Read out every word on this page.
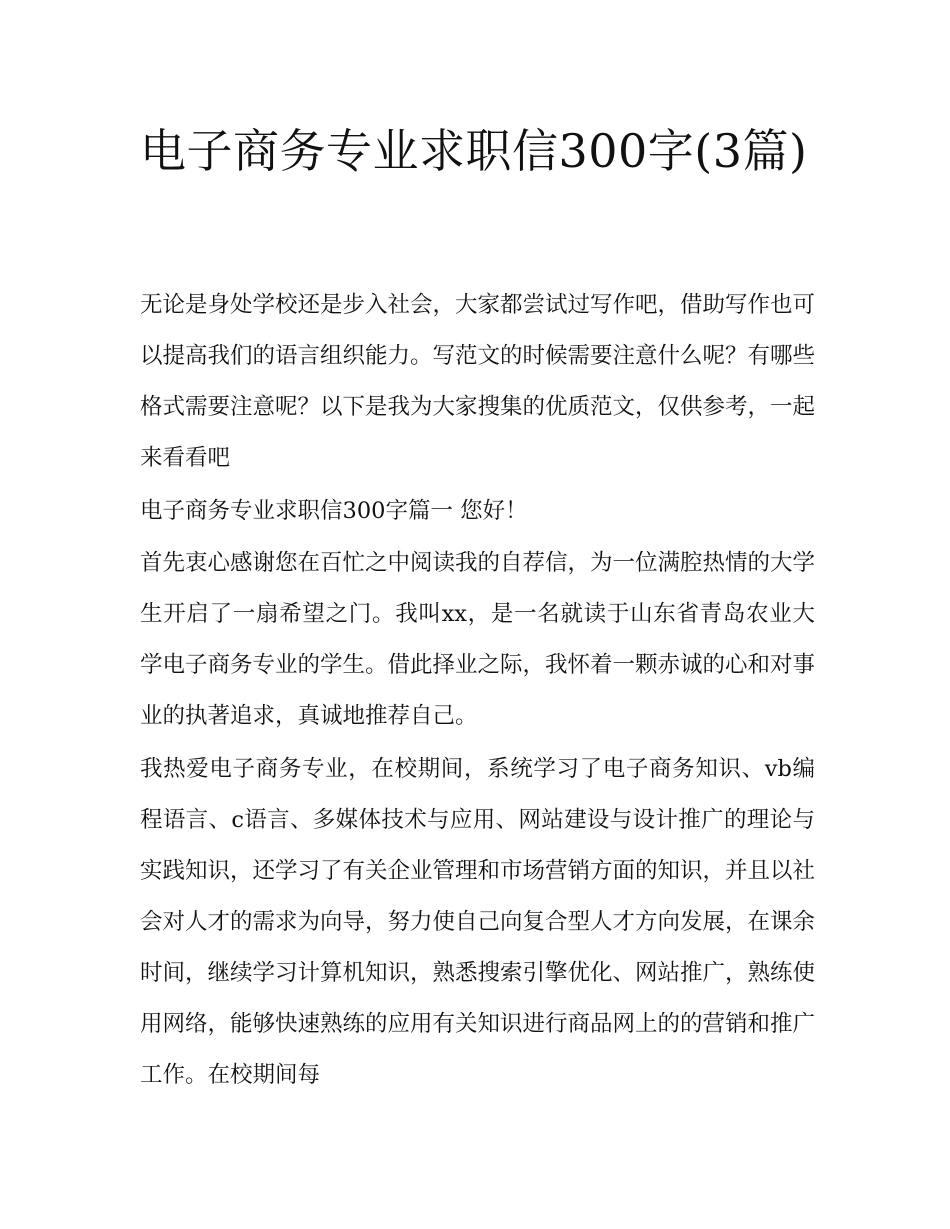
电子商务专业求职信300字(3篇)

无论是身处学校还是步入社会，大家都尝试过写作吧，借助写作也可以提高我们的语言组织能力。写范文的时候需要注意什么呢？有哪些格式需要注意呢？以下是我为大家搜集的优质范文，仅供参考，一起来看看吧

电子商务专业求职信300字篇一 您好！

首先衷心感谢您在百忙之中阅读我的自荐信，为一位满腔热情的大学生开启了一扇希望之门。我叫xx，是一名就读于山东省青岛农业大学电子商务专业的学生。借此择业之际，我怀着一颗赤诚的心和对事业的执著追求，真诚地推荐自己。

我热爱电子商务专业，在校期间，系统学习了电子商务知识、vb编程语言、c语言、多媒体技术与应用、网站建设与设计推广的理论与实践知识，还学习了有关企业管理和市场营销方面的知识，并且以社会对人才的需求为向导，努力使自己向复合型人才方向发展，在课余时间，继续学习计算机知识，熟悉搜索引擎优化、网站推广，熟练使用网络，能够快速熟练的应用有关知识进行商品网上的的营销和推广工作。在校期间每
